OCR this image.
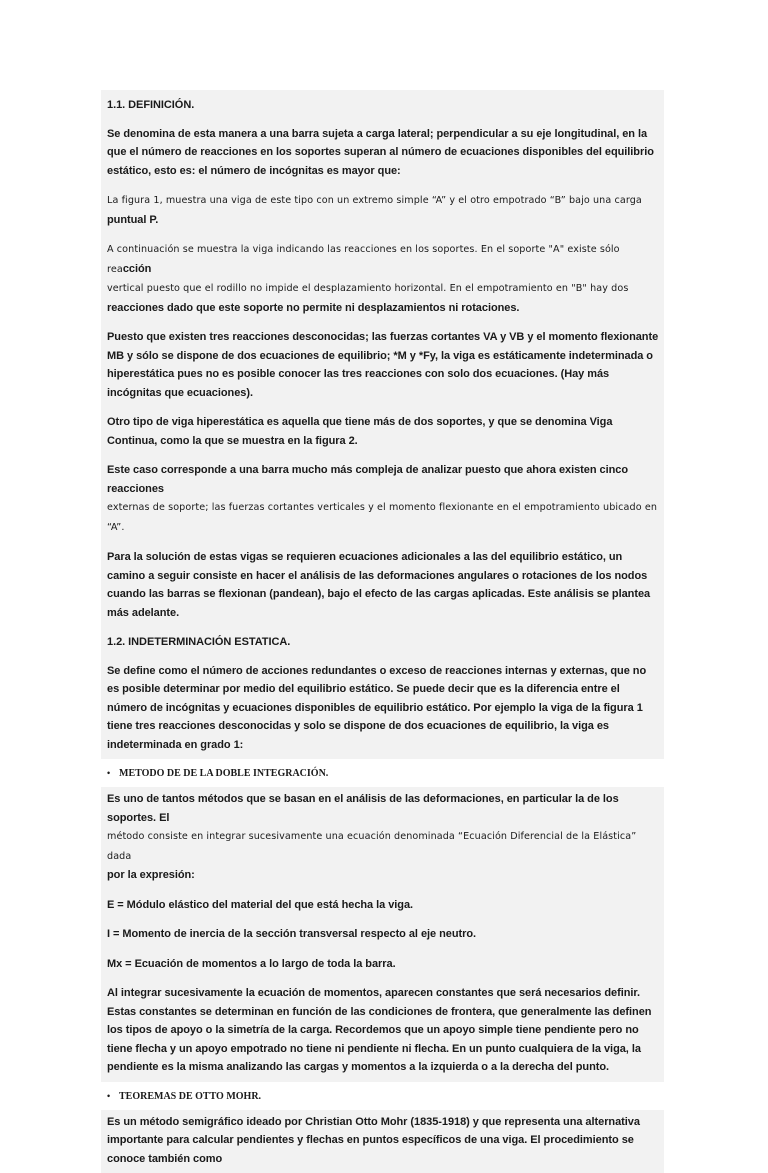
1.1. DEFINICIÓN.

Se denomina de esta manera a una barra sujeta a carga lateral; perpendicular a su eje longitudinal, en la que el número de reacciones en los soportes superan al número de ecuaciones disponibles del equilibrio estático, esto es: el número de incógnitas es mayor que:

La figura 1, muestra una viga de este tipo con un extremo simple “A” y el otro empotrado “B” bajo una carga
puntual P.

A continuación se muestra la viga indicando las reacciones en los soportes. En el soporte "A" existe sólo reacción
vertical puesto que el rodillo no impide el desplazamiento horizontal. En el empotramiento en "B" hay dos
reacciones dado que este soporte no permite ni desplazamientos ni rotaciones.

Puesto que existen tres reacciones desconocidas; las fuerzas cortantes VA y VB y el momento flexionante MB y sólo se dispone de dos ecuaciones de equilibrio; *M y *Fy, la viga es estáticamente indeterminada o hiperestática pues no es posible conocer las tres reacciones con solo dos ecuaciones. (Hay más incógnitas que ecuaciones).

Otro tipo de viga hiperestática es aquella que tiene más de dos soportes, y que se denomina Viga Continua, como la que se muestra en la figura 2.

Este caso corresponde a una barra mucho más compleja de analizar puesto que ahora existen cinco reacciones
externas de soporte; las fuerzas cortantes verticales y el momento flexionante en el empotramiento ubicado en “A”.

Para la solución de estas vigas se requieren ecuaciones adicionales a las del equilibrio estático, un camino a seguir consiste en hacer el análisis de las deformaciones angulares o rotaciones de los nodos cuando las barras se flexionan (pandean), bajo el efecto de las cargas aplicadas. Este análisis se plantea más adelante.

1.2. INDETERMINACIÓN ESTATICA.

Se define como el número de acciones redundantes o exceso de reacciones internas y externas, que no es posible determinar por medio del equilibrio estático. Se puede decir que es la diferencia entre el número de incógnitas y ecuaciones disponibles de equilibrio estático. Por ejemplo la viga de la figura 1 tiene tres reacciones desconocidas y solo se dispone de dos ecuaciones de equilibrio, la viga es indeterminada en grado 1:

• METODO DE DE LA DOBLE INTEGRACIÓN.

Es uno de tantos métodos que se basan en el análisis de las deformaciones, en particular la de los soportes. El
método consiste en integrar sucesivamente una ecuación denominada “Ecuación Diferencial de la Elástica” dada
por la expresión:

E = Módulo elástico del material del que está hecha la viga.

I = Momento de inercia de la sección transversal respecto al eje neutro.

Mx = Ecuación de momentos a lo largo de toda la barra.

Al integrar sucesivamente la ecuación de momentos, aparecen constantes que será necesarios definir. Estas constantes se determinan en función de las condiciones de frontera, que generalmente las definen los tipos de apoyo o la simetría de la carga. Recordemos que un apoyo simple tiene pendiente pero no tiene flecha y un apoyo empotrado no tiene ni pendiente ni flecha. En un punto cualquiera de la viga, la pendiente es la misma analizando las cargas y momentos a la izquierda o a la derecha del punto.

• TEOREMAS DE OTTO MOHR.

Es un método semigráfico ideado por Christian Otto Mohr (1835-1918) y que representa una alternativa importante para calcular pendientes y flechas en puntos específicos de una viga. El procedimiento se conoce también como
